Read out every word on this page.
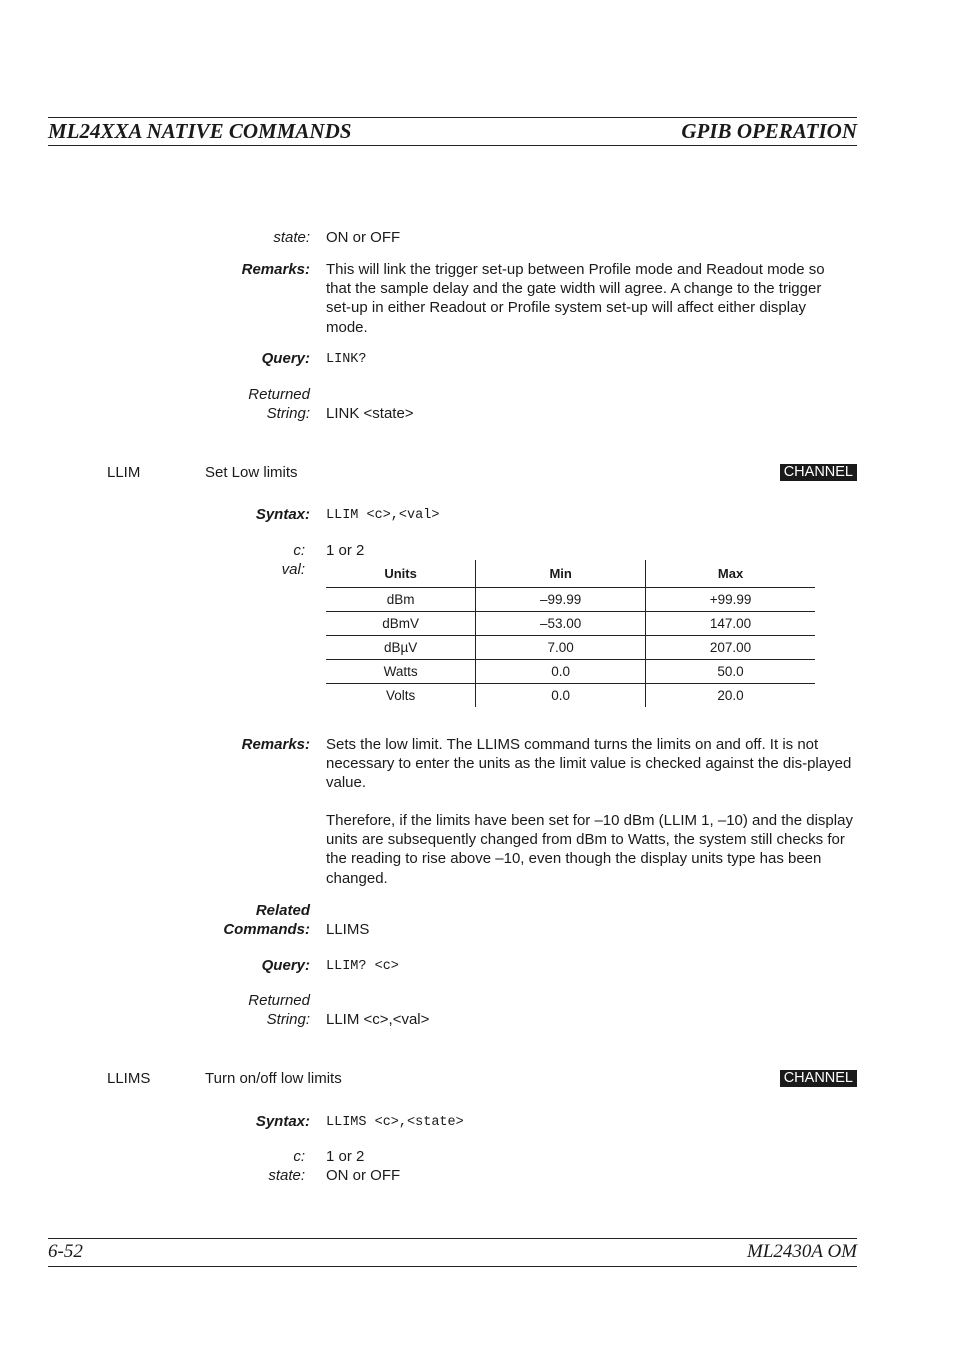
ML24XXA NATIVE COMMANDS	GPIB OPERATION
state: ON or OFF
Remarks: This will link the trigger set-up between Profile mode and Readout mode so that the sample delay and the gate width will agree. A change to the trigger set-up in either Readout or Profile system set-up will affect either display mode.

Query: LINK?
Returned
String: LINK <state>
LLIM	Set Low limits	CHANNEL
Syntax: LLIM <c>,<val>
c: 1 or 2
val:	Units	Min	Max
dBm	–99.99	+99.99
dBmV	–53.00	147.00
dBµV	7.00	207.00
Watts	0.0	50.0
Volts	0.0	20.0
Remarks: Sets the low limit. The LLIMS command turns the limits on and off. It is not necessary to enter the units as the limit value is checked against the dis-played value.

Therefore, if the limits have been set for –10 dBm (LLIM 1, –10) and the display units are subsequently changed from dBm to Watts, the system still checks for the reading to rise above –10, even though the display units type has been changed.

Related
Commands: LLIMS
Query: LLIM? <c>
Returned
String: LLIM <c>,<val>
LLIMS	Turn on/off low limits	CHANNEL
Syntax: LLIMS <c>,<state>
c: 1 or 2
state: ON or OFF
6-52	ML2430A OM
